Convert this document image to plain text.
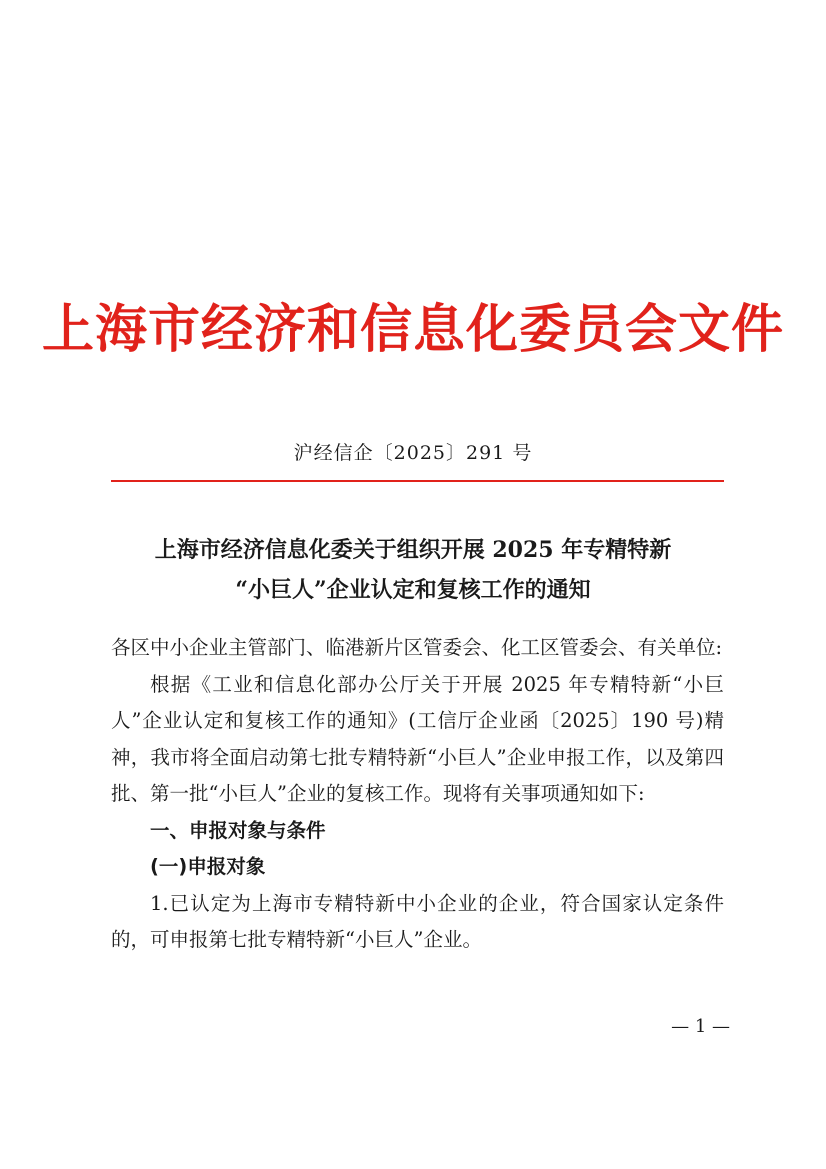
上海市经济和信息化委员会文件
沪经信企〔2025〕291 号
上海市经济信息化委关于组织开展 2025 年专精特新
“小巨人”企业认定和复核工作的通知

各区中小企业主管部门、临港新片区管委会、化工区管委会、有关单位:

根据《工业和信息化部办公厅关于开展 2025 年专精特新“小巨人”企业认定和复核工作的通知》(工信厅企业函〔2025〕190 号)精神，我市将全面启动第七批专精特新“小巨人”企业申报工作，以及第四批、第一批“小巨人”企业的复核工作。现将有关事项通知如下:

一、申报对象与条件

(一)申报对象

1.已认定为上海市专精特新中小企业的企业，符合国家认定条件的，可申报第七批专精特新“小巨人”企业。

— 1 —
